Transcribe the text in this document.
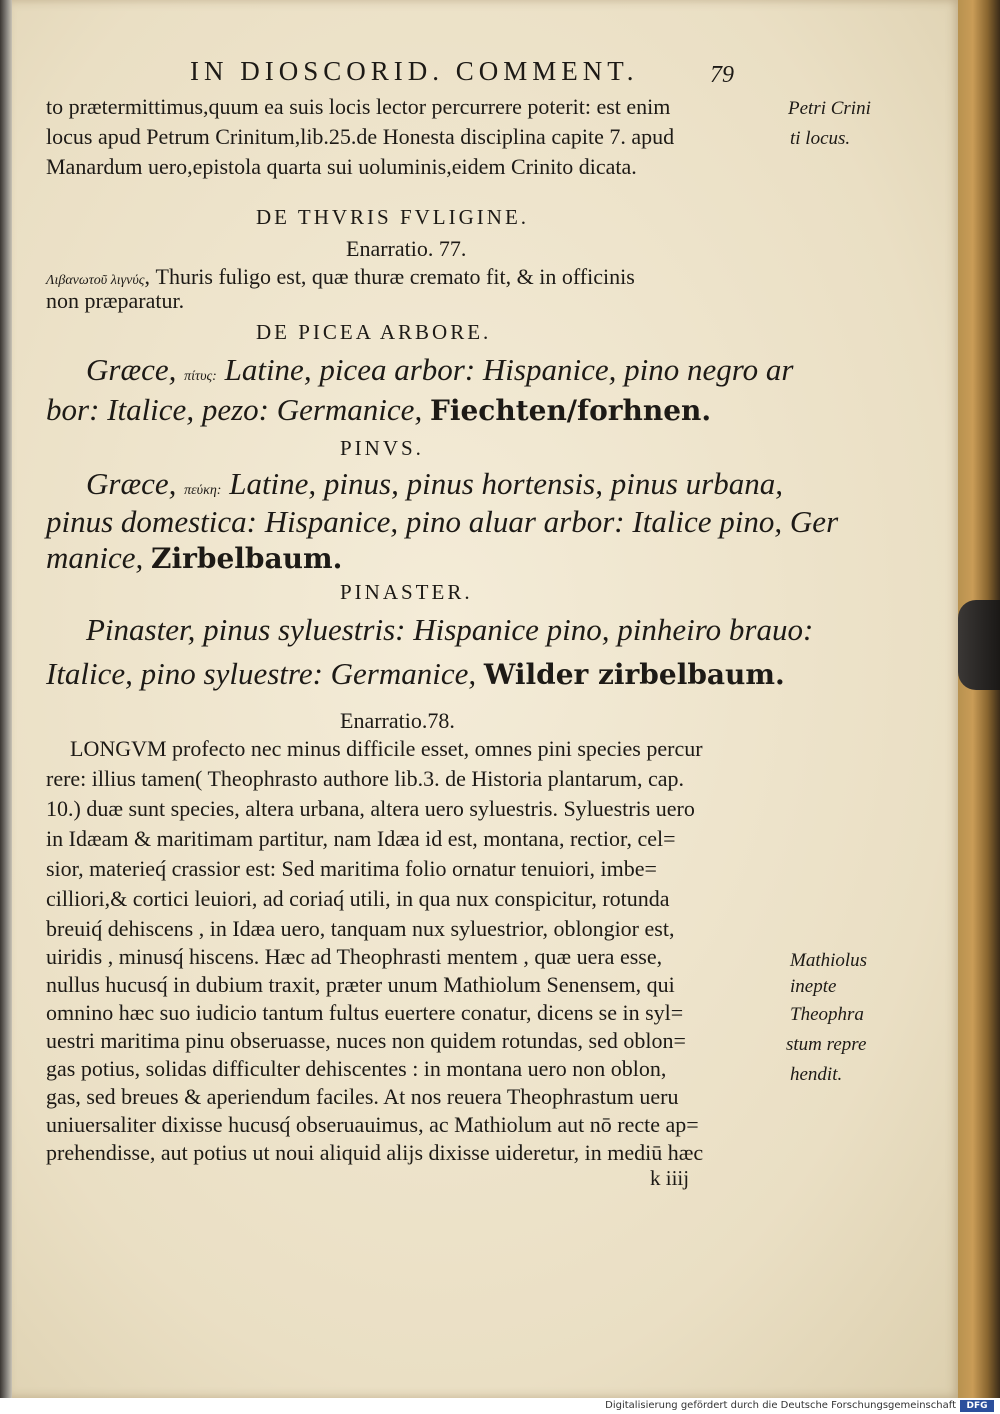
IN DIOSCORID. COMMENT.	79
to prætermittimus,quum ea suis locis lector percurrere poterit: est enim
locus apud Petrum Crinitum,lib.25.de Honesta disciplina capite 7. apud
Manardum uero,epistola quarta sui uoluminis,eidem Crinito dicata.
Petri Crini
ti locus.
DE THVRIS FVLIGINE.
Enarratio. 77.
Λιβανωτοῦ λιγνύς, Thuris fuligo est, quæ thuræ cremato fit, & in officinis
non præparatur.
DE PICEA ARBORE.
Græce, πίτυς: Latine, picea arbor: Hispanice, pino negro ar
bor: Italice, pezo: Germanice, Fiechten/forhnen.
PINVS.
Græce, πεύκη: Latine, pinus, pinus hortensis, pinus urbana,
pinus domestica: Hispanice, pino aluar arbor: Italice pino, Ger
manice, Zirbelbaum.
PINASTER.
Pinaster, pinus syluestris: Hispanice pino, pinheiro brauo:
Italice, pino syluestre: Germanice, Wilder zirbelbaum.
Enarratio.78.
LONGVM profecto nec minus difficile esset, omnes pini species percur
rere: illius tamen( Theophrasto authore lib.3. de Historia plantarum, cap.
10.) duæ sunt species, altera urbana, altera uero syluestris. Syluestris uero
in Idæam & maritimam partitur, nam Idæa id est, montana, rectior, cel=
sior, materieq́ crassior est: Sed maritima folio ornatur tenuiori, imbe=
cilliori,& cortici leuiori, ad coriaq́ utili, in qua nux conspicitur, rotunda
breuiq́ dehiscens , in Idæa uero, tanquam nux syluestrior, oblongior est,
uiridis , minusq́ hiscens. Hæc ad Theophrasti mentem , quæ uera esse,
nullus hucusq́ in dubium traxit, præter unum Mathiolum Senensem, qui
omnino hæc suo iudicio tantum fultus euertere conatur, dicens se in syl=
uestri maritima pinu obseruasse, nuces non quidem rotundas, sed oblon=
gas potius, solidas difficulter dehiscentes : in montana uero non oblon,
gas, sed breues & aperiendum faciles. At nos reuera Theophrastum ueru
uniuersaliter dixisse hucusq́ obseruauimus, ac Mathiolum aut nō recte ap=
prehendisse, aut potius ut noui aliquid alijs dixisse uideretur, in mediū hæc
Mathiolus
inepte
Theophra
stum repre
hendit.
k iiij
Digitalisierung gefördert durch die Deutsche Forschungsgemeinschaft	DFG
